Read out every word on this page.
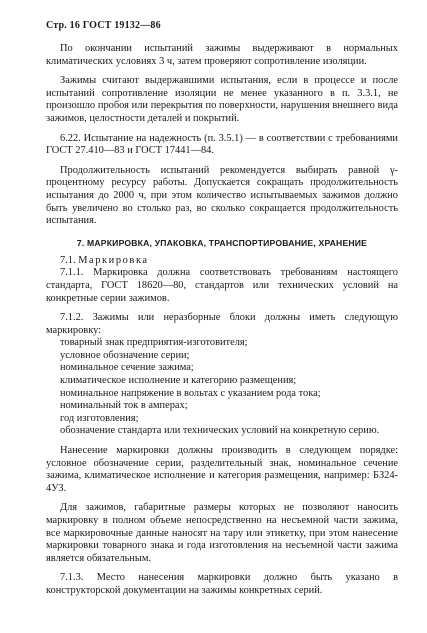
Стр. 16 ГОСТ 19132—86

По окончании испытаний зажимы выдерживают в нормальных климатических условиях 3 ч, затем проверяют сопротивление изоляции.

Зажимы считают выдержавшими испытания, если в процессе и после испытаний сопротивление изоляции не менее указанного в п. 3.3.1, не произошло пробоя или перекрытия по поверхности, нарушения внешнего вида зажимов, целостности деталей и покрытий.

6.22. Испытание на надежность (п. 3.5.1) — в соответствии с требованиями ГОСТ 27.410—83 и ГОСТ 17441—84.

Продолжительность испытаний рекомендуется выбирать равной γ-процентному ресурсу работы. Допускается сокращать продолжительность испытания до 2000 ч, при этом количество испытываемых зажимов должно быть увеличено во столько раз, во сколько сокращается продолжительность испытания.

7. МАРКИРОВКА, УПАКОВКА, ТРАНСПОРТИРОВАНИЕ, ХРАНЕНИЕ

7.1. Маркировка

7.1.1. Маркировка должна соответствовать требованиям настоящего стандарта, ГОСТ 18620—80, стандартов или технических условий на конкретные серии зажимов.

7.1.2. Зажимы или неразборные блоки должны иметь следующую маркировку:

товарный знак предприятия-изготовителя;

условное обозначение серии;

номинальное сечение зажима;

климатическое исполнение и категорию размещения;

номинальное напряжение в вольтах с указанием рода тока;

номинальный ток в амперах;

год изготовления;

обозначение стандарта или технических условий на конкретную серию.

Нанесение маркировки должны производить в следующем порядке: условное обозначение серии, разделительный знак, номинальное сечение зажима, климатическое исполнение и категория размещения, например: БЗ24-4УЗ.

Для зажимов, габаритные размеры которых не позволяют наносить маркировку в полном объеме непосредственно на несъемной части зажима, все маркировочные данные наносят на тару или этикетку, при этом нанесение маркировки товарного знака и года изготовления на несъемной части зажима является обязательным.

7.1.3. Место нанесения маркировки должно быть указано в конструкторской документации на зажимы конкретных серий.
